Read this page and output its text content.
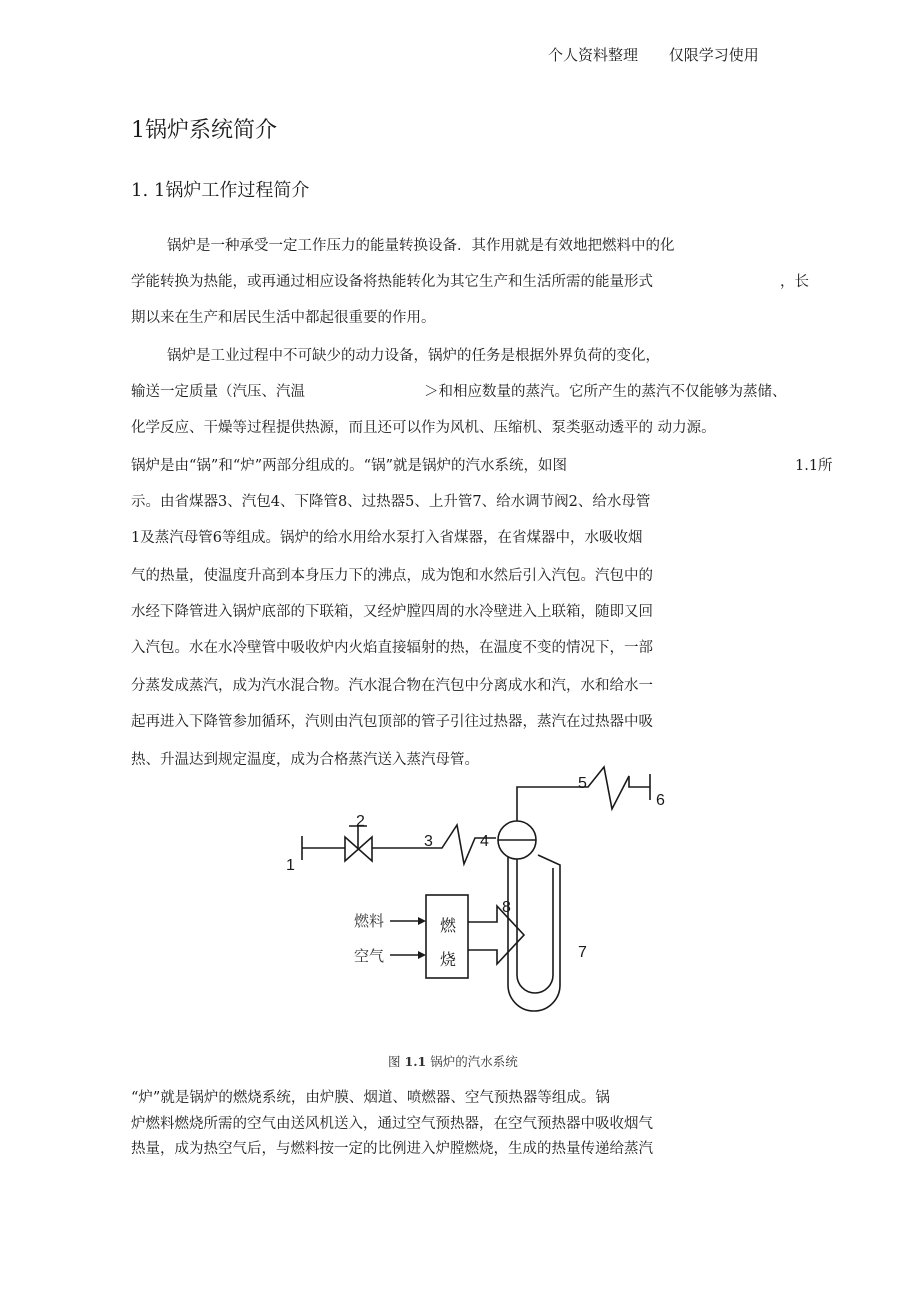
个人资料整理 仅限学习使用
1锅炉系统简介
1. 1锅炉工作过程简介
锅炉是一种承受一定工作压力的能量转换设备．其作用就是有效地把燃料中的化
学能转换为热能，或再通过相应设备将热能转化为其它生产和生活所需的能量形式	，长
期以来在生产和居民生活中都起很重要的作用。
锅炉是工业过程中不可缺少的动力设备，锅炉的任务是根据外界负荷的变化，
输送一定质量（汽压、汽温	＞和相应数量的蒸汽。它所产生的蒸汽不仅能够为蒸储、
化学反应、干燥等过程提供热源，而且还可以作为风机、压缩机、泵类驱动透平的 动力源。
锅炉是由“锅”和“炉”两部分组成的。“锅”就是锅炉的汽水系统，如图	1.1所
示。由省煤器3、汽包4、下降管8、过热器5、上升管7、给水调节阀2、给水母管
1及蒸汽母管6等组成。锅炉的给水用给水泵打入省煤器，在省煤器中，水吸收烟
气的热量，使温度升高到本身压力下的沸点，成为饱和水然后引入汽包。汽包中的
水经下降管进入锅炉底部的下联箱，又经炉膛四周的水冷壁进入上联箱，随即又回
入汽包。水在水冷壁管中吸收炉内火焰直接辐射的热，在温度不变的情况下，一部
分蒸发成蒸汽，成为汽水混合物。汽水混合物在汽包中分离成水和汽，水和给水一
起再进入下降管参加循环，汽则由汽包顶部的管子引往过热器，蒸汽在过热器中吸
热、升温达到规定温度，成为合格蒸汽送入蒸汽母管。
1
2
3	4
5
6
7
8
燃料
空气
燃
烧
图 1.1 锅炉的汽水系统
“炉”就是锅炉的燃烧系统，由炉膜、烟道、喷燃器、空气预热器等组成。锅
炉燃料燃烧所需的空气由送风机送入，通过空气预热器，在空气预热器中吸收烟气
热量，成为热空气后，与燃料按一定的比例进入炉膛燃烧，生成的热量传递给蒸汽
